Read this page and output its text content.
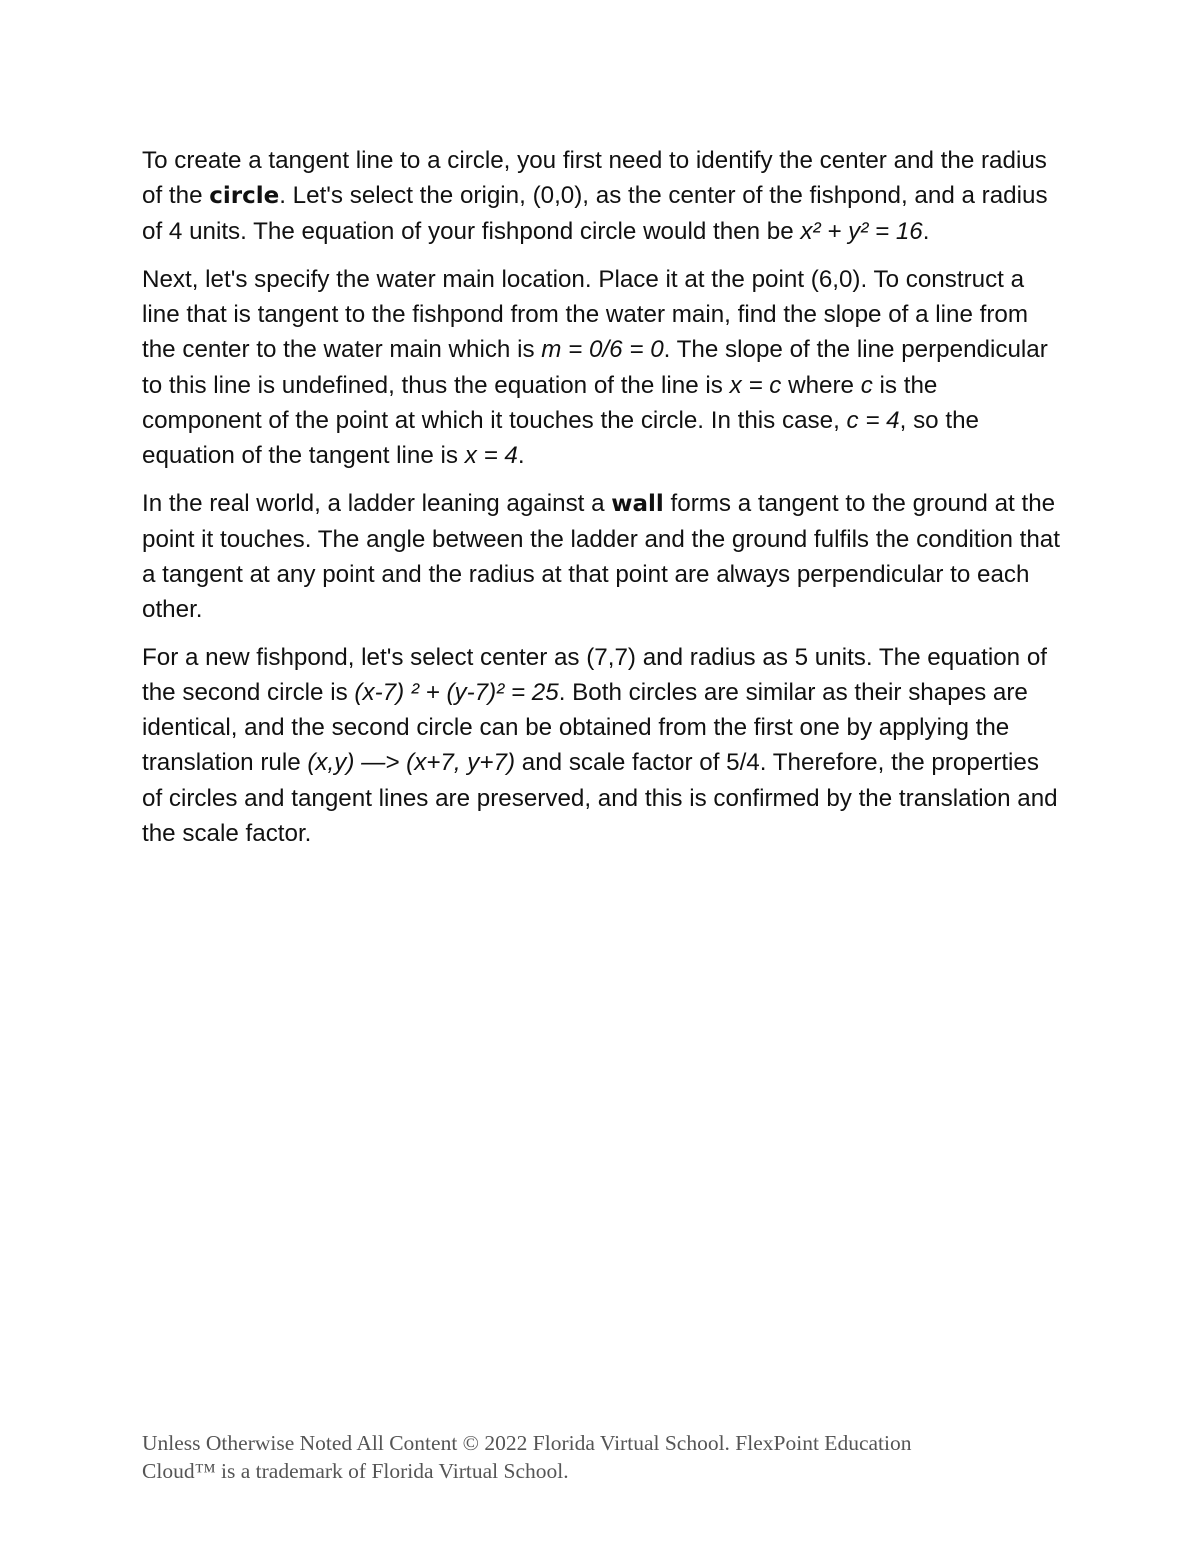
To create a tangent line to a circle, you first need to identify the center and the radius of the circle. Let's select the origin, (0,0), as the center of the fishpond, and a radius of 4 units. The equation of your fishpond circle would then be x² + y² = 16.

Next, let's specify the water main location. Place it at the point (6,0). To construct a line that is tangent to the fishpond from the water main, find the slope of a line from the center to the water main which is m = 0/6 = 0. The slope of the line perpendicular to this line is undefined, thus the equation of the line is x = c where c is the component of the point at which it touches the circle. In this case, c = 4, so the equation of the tangent line is x = 4.

In the real world, a ladder leaning against a wall forms a tangent to the ground at the point it touches. The angle between the ladder and the ground fulfils the condition that a tangent at any point and the radius at that point are always perpendicular to each other.

For a new fishpond, let's select center as (7,7) and radius as 5 units. The equation of the second circle is (x-7) ² + (y-7)² = 25. Both circles are similar as their shapes are identical, and the second circle can be obtained from the first one by applying the translation rule (x,y) —> (x+7, y+7) and scale factor of 5/4. Therefore, the properties of circles and tangent lines are preserved, and this is confirmed by the translation and the scale factor.

Unless Otherwise Noted All Content © 2022 Florida Virtual School. FlexPoint Education
Cloud™ is a trademark of Florida Virtual School.
